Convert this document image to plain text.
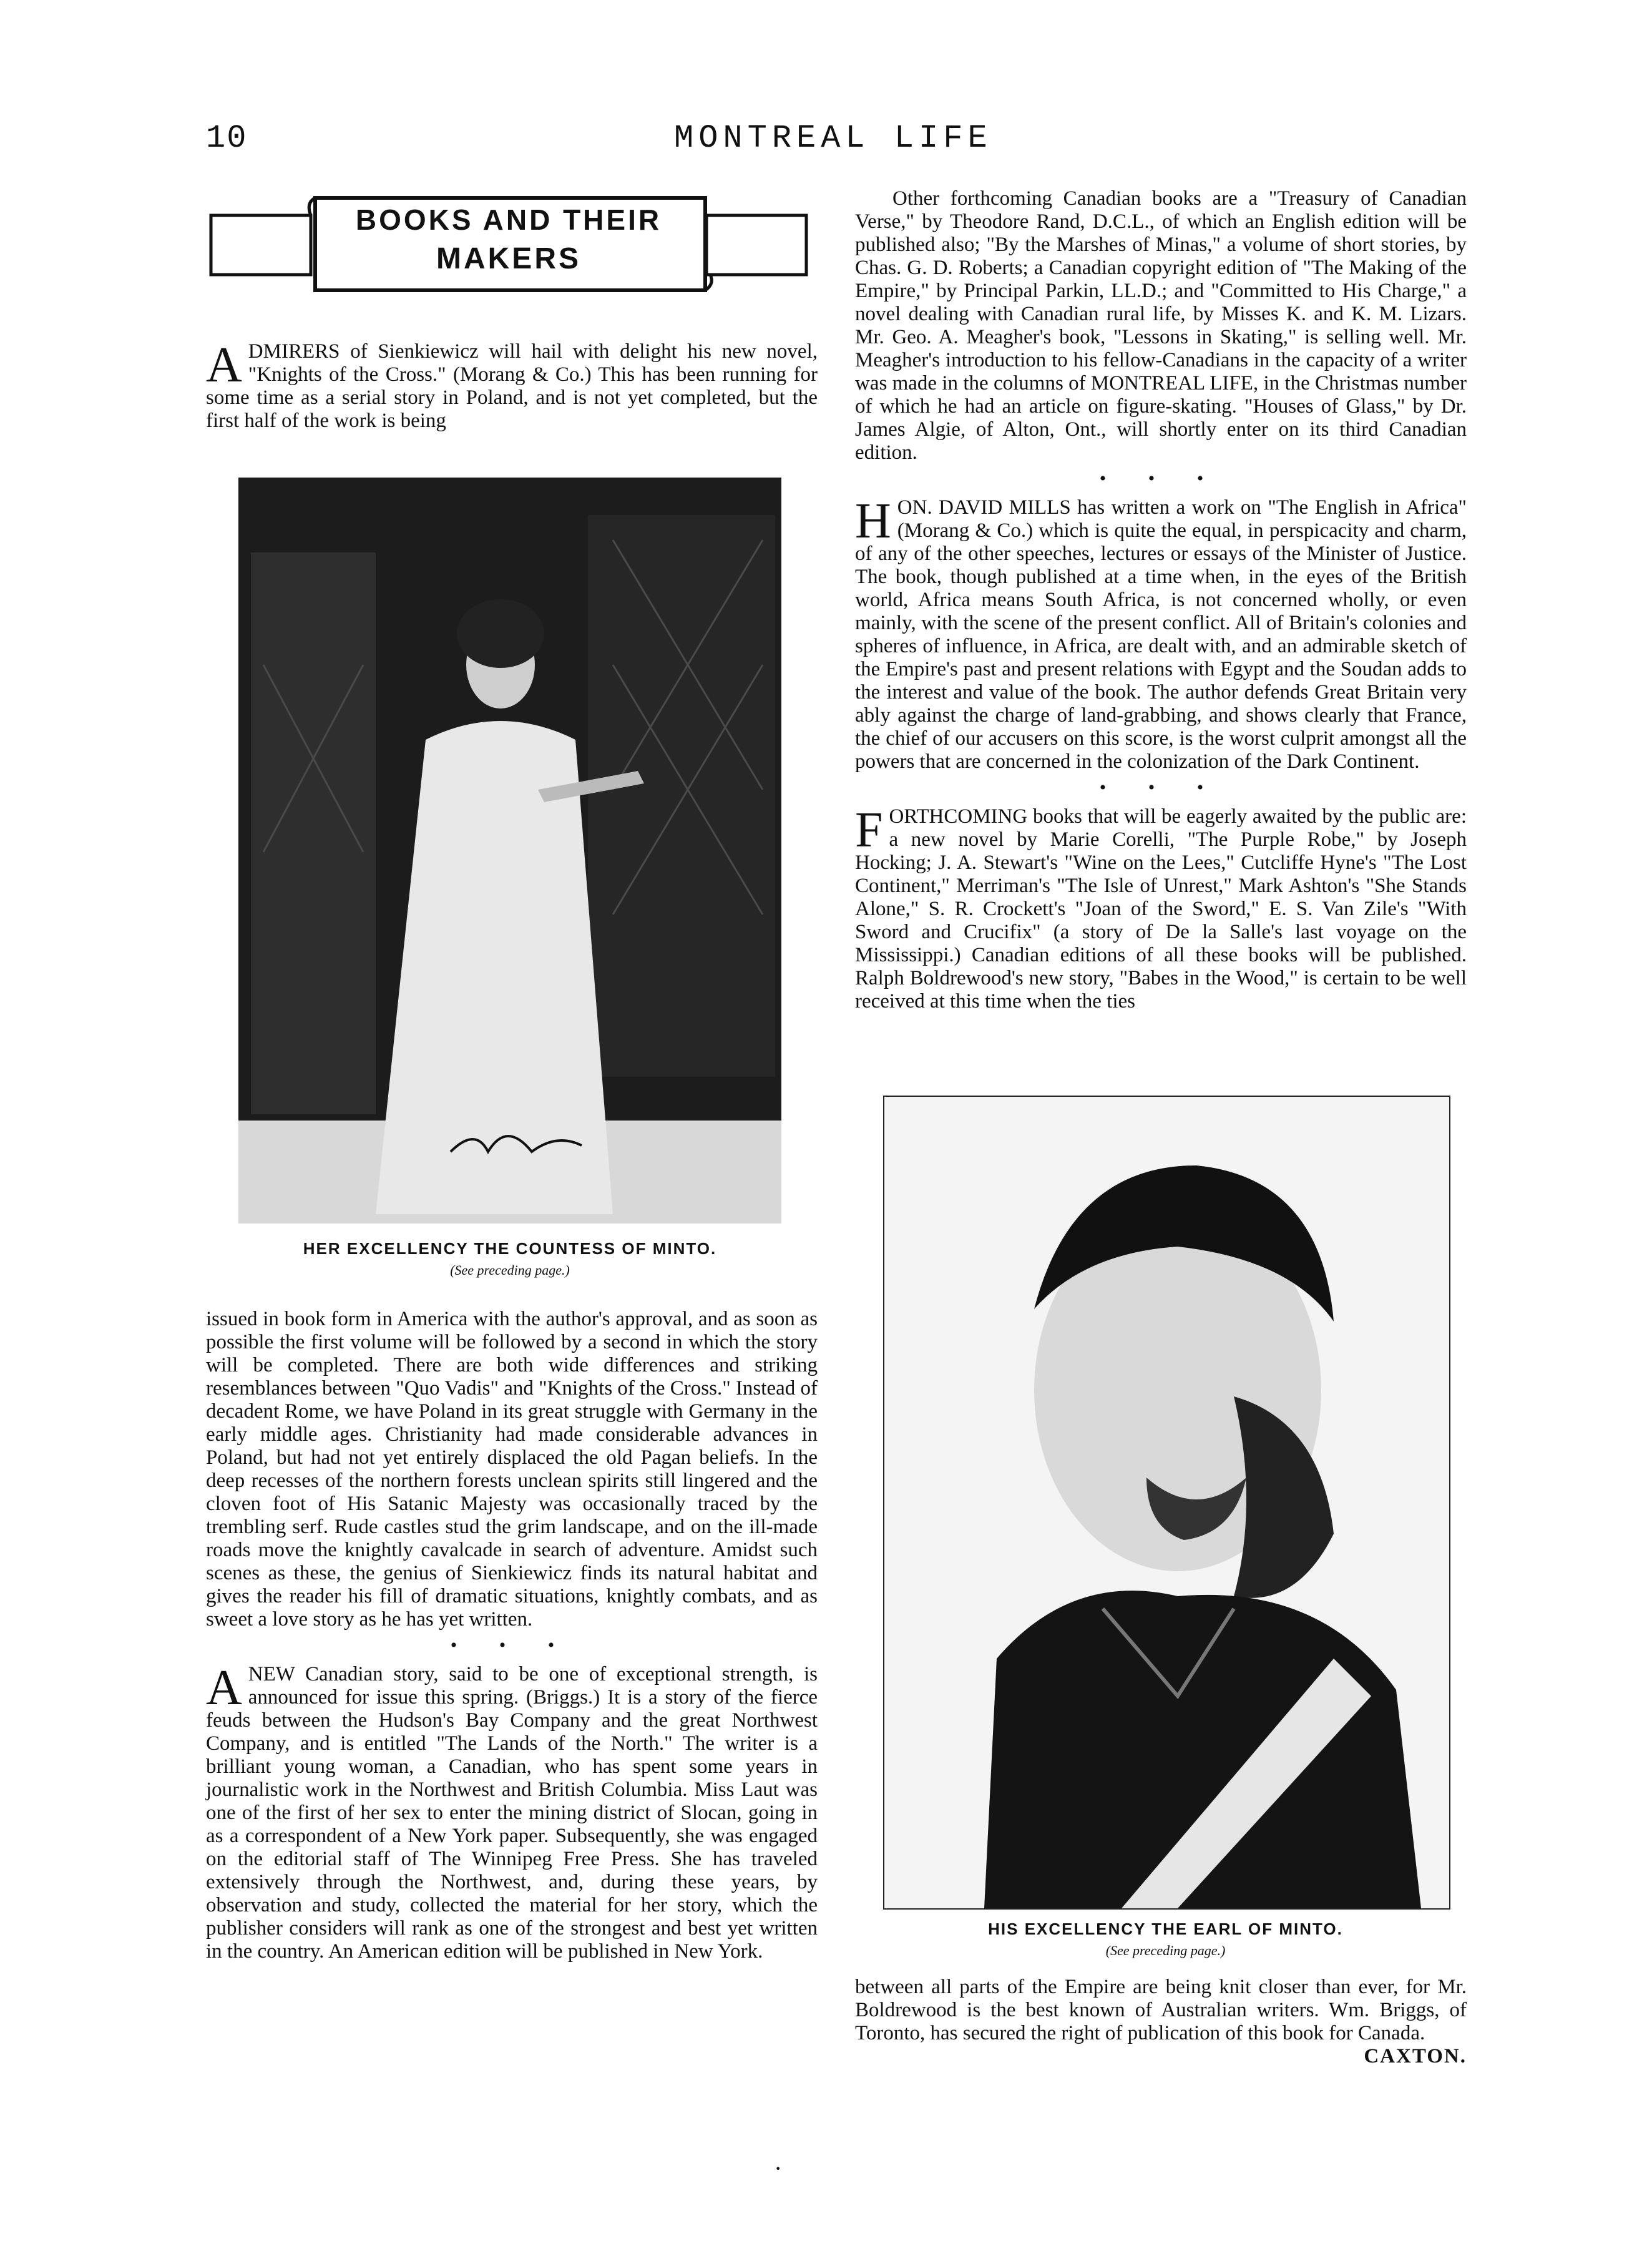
10	MONTREAL LIFE
BOOKS AND THEIR
MAKERS

ADMIRERS of Sienkiewicz will hail with delight his new novel, "Knights of the Cross." (Morang & Co.) This has been running for some time as a serial story in Poland, and is not yet completed, but the first half of the work is being

HER EXCELLENCY THE COUNTESS OF MINTO.
(See preceding page.)

issued in book form in America with the author's approval, and as soon as possible the first volume will be followed by a second in which the story will be completed. There are both wide differences and striking resemblances between "Quo Vadis" and "Knights of the Cross." Instead of decadent Rome, we have Poland in its great struggle with Germany in the early middle ages. Christianity had made considerable advances in Poland, but had not yet entirely displaced the old Pagan beliefs. In the deep recesses of the northern forests unclean spirits still lingered and the cloven foot of His Satanic Majesty was occasionally traced by the trembling serf. Rude castles stud the grim landscape, and on the ill-made roads move the knightly cavalcade in search of adventure. Amidst such scenes as these, the genius of Sienkiewicz finds its natural habitat and gives the reader his fill of dramatic situations, knightly combats, and as sweet a love story as he has yet written.

• • •

ANEW Canadian story, said to be one of exceptional strength, is announced for issue this spring. (Briggs.) It is a story of the fierce feuds between the Hudson's Bay Company and the great Northwest Company, and is entitled "The Lands of the North." The writer is a brilliant young woman, a Canadian, who has spent some years in journalistic work in the Northwest and British Columbia. Miss Laut was one of the first of her sex to enter the mining district of Slocan, going in as a correspondent of a New York paper. Subsequently, she was engaged on the editorial staff of The Winnipeg Free Press. She has traveled extensively through the Northwest, and, during these years, by observation and study, collected the material for her story, which the publisher considers will rank as one of the strongest and best yet written in the country. An American edition will be published in New York.

Other forthcoming Canadian books are a "Treasury of Canadian Verse," by Theodore Rand, D.C.L., of which an English edition will be published also; "By the Marshes of Minas," a volume of short stories, by Chas. G. D. Roberts; a Canadian copyright edition of "The Making of the Empire," by Principal Parkin, LL.D.; and "Committed to His Charge," a novel dealing with Canadian rural life, by Misses K. and K. M. Lizars. Mr. Geo. A. Meagher's book, "Lessons in Skating," is selling well. Mr. Meagher's introduction to his fellow-Canadians in the capacity of a writer was made in the columns of MONTREAL LIFE, in the Christmas number of which he had an article on figure-skating. "Houses of Glass," by Dr. James Algie, of Alton, Ont., will shortly enter on its third Canadian edition.

• • •

HON. DAVID MILLS has written a work on "The English in Africa" (Morang & Co.) which is quite the equal, in perspicacity and charm, of any of the other speeches, lectures or essays of the Minister of Justice. The book, though published at a time when, in the eyes of the British world, Africa means South Africa, is not concerned wholly, or even mainly, with the scene of the present conflict. All of Britain's colonies and spheres of influence, in Africa, are dealt with, and an admirable sketch of the Empire's past and present relations with Egypt and the Soudan adds to the interest and value of the book. The author defends Great Britain very ably against the charge of land-grabbing, and shows clearly that France, the chief of our accusers on this score, is the worst culprit amongst all the powers that are concerned in the colonization of the Dark Continent.

• • •

FORTHCOMING books that will be eagerly awaited by the public are: a new novel by Marie Corelli, "The Purple Robe," by Joseph Hocking; J. A. Stewart's "Wine on the Lees," Cutcliffe Hyne's "The Lost Continent," Merriman's "The Isle of Unrest," Mark Ashton's "She Stands Alone," S. R. Crockett's "Joan of the Sword," E. S. Van Zile's "With Sword and Crucifix" (a story of De la Salle's last voyage on the Mississippi.) Canadian editions of all these books will be published. Ralph Boldrewood's new story, "Babes in the Wood," is certain to be well received at this time when the ties

HIS EXCELLENCY THE EARL OF MINTO.
(See preceding page.)

between all parts of the Empire are being knit closer than ever, for Mr. Boldrewood is the best known of Australian writers. Wm. Briggs, of Toronto, has secured the right of publication of this book for Canada.
CAXTON.

·
